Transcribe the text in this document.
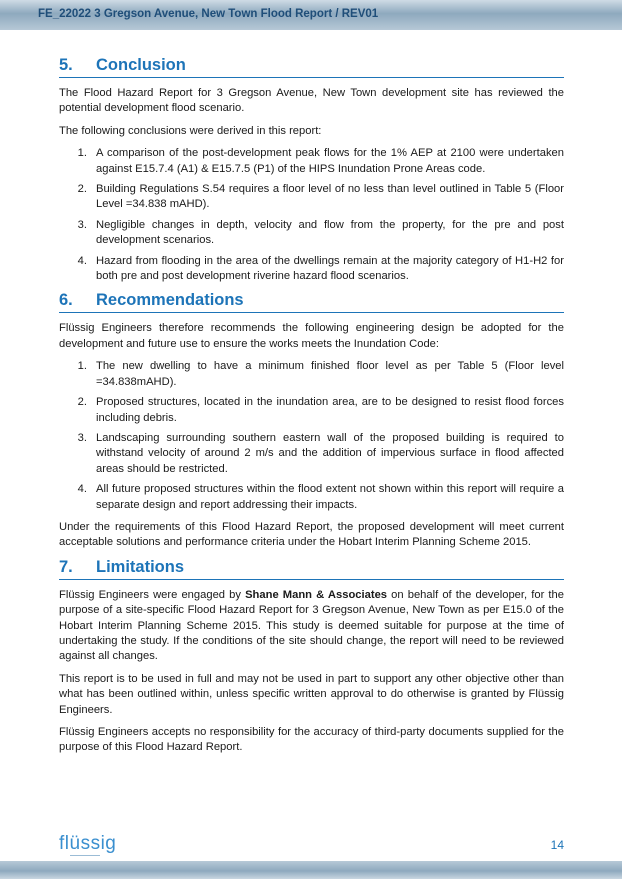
FE_22022 3 Gregson Avenue, New Town Flood Report / REV01
5.	Conclusion

The Flood Hazard Report for 3 Gregson Avenue, New Town development site has reviewed the potential development flood scenario.

The following conclusions were derived in this report:

1. A comparison of the post-development peak flows for the 1% AEP at 2100 were undertaken against E15.7.4 (A1) & E15.7.5 (P1) of the HIPS Inundation Prone Areas code.
2. Building Regulations S.54 requires a floor level of no less than level outlined in Table 5 (Floor Level =34.838 mAHD).
3. Negligible changes in depth, velocity and flow from the property, for the pre and post development scenarios.
4. Hazard from flooding in the area of the dwellings remain at the majority category of H1-H2 for both pre and post development riverine hazard flood scenarios.
6.	Recommendations

Flüssig Engineers therefore recommends the following engineering design be adopted for the development and future use to ensure the works meets the Inundation Code:

1. The new dwelling to have a minimum finished floor level as per Table 5 (Floor level =34.838mAHD).
2. Proposed structures, located in the inundation area, are to be designed to resist flood forces including debris.
3. Landscaping surrounding southern eastern wall of the proposed building is required to withstand velocity of around 2 m/s and the addition of impervious surface in flood affected areas should be restricted.
4. All future proposed structures within the flood extent not shown within this report will require a separate design and report addressing their impacts.

Under the requirements of this Flood Hazard Report, the proposed development will meet current acceptable solutions and performance criteria under the Hobart Interim Planning Scheme 2015.

7.	Limitations

Flüssig Engineers were engaged by Shane Mann & Associates on behalf of the developer, for the purpose of a site-specific Flood Hazard Report for 3 Gregson Avenue, New Town as per E15.0 of the Hobart Interim Planning Scheme 2015. This study is deemed suitable for purpose at the time of undertaking the study. If the conditions of the site should change, the report will need to be reviewed against all changes.

This report is to be used in full and may not be used in part to support any other objective other than what has been outlined within, unless specific written approval to do otherwise is granted by Flüssig Engineers.

Flüssig Engineers accepts no responsibility for the accuracy of third-party documents supplied for the purpose of this Flood Hazard Report.

flüssig	14
